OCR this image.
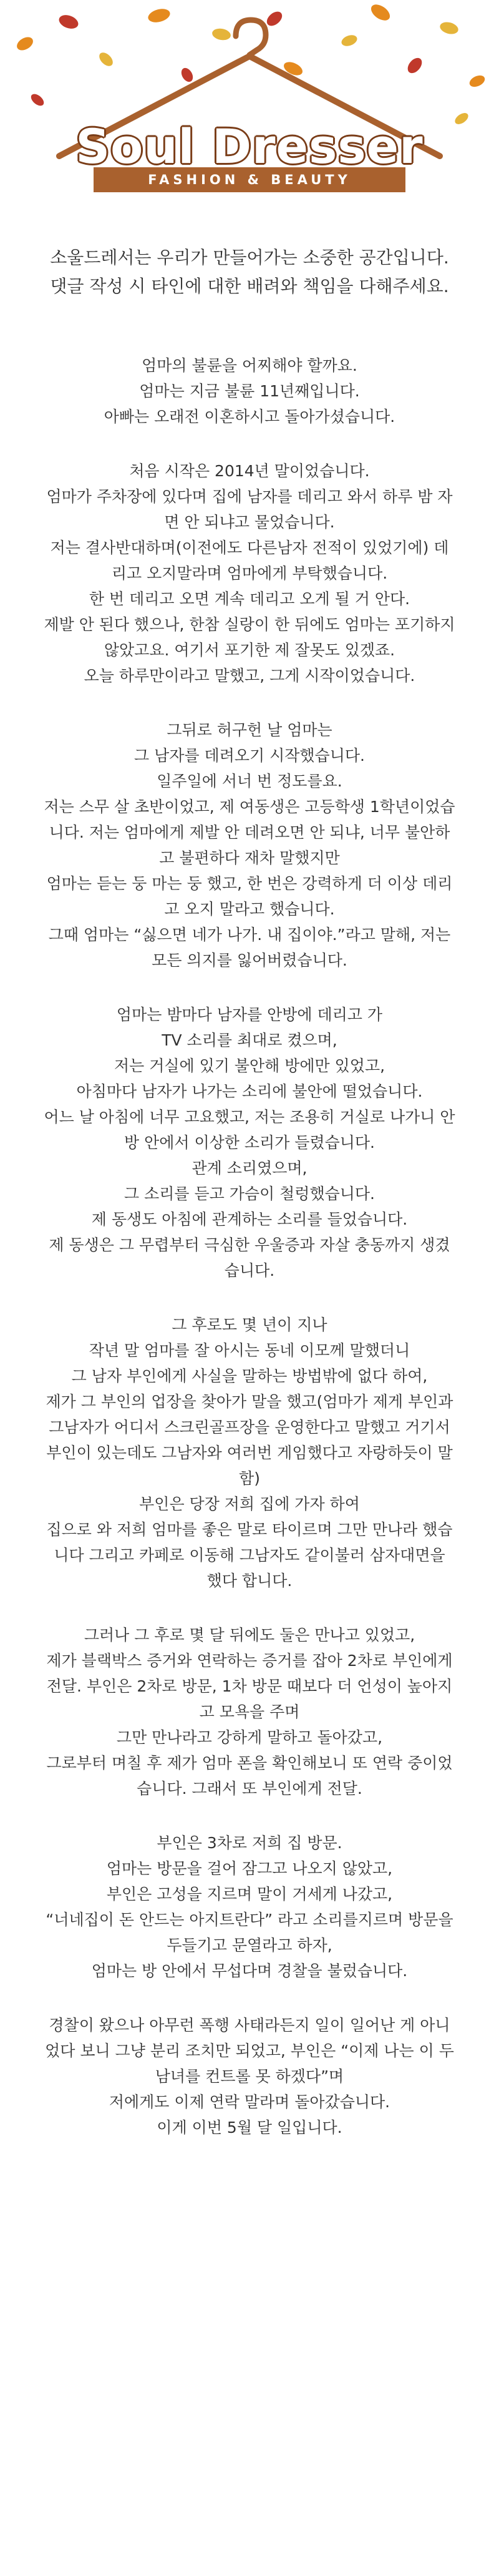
Soul Dresser
FASHION & BEAUTY

소울드레서는 우리가 만들어가는 소중한 공간입니다.
댓글 작성 시 타인에 대한 배려와 책임을 다해주세요.

엄마의 불륜을 어찌해야 할까요.
엄마는 지금 불륜 11년째입니다.
아빠는 오래전 이혼하시고 돌아가셨습니다.

처음 시작은 2014년 말이었습니다.
엄마가 주차장에 있다며 집에 남자를 데리고 와서 하루 밤 자
면 안 되냐고 물었습니다.
저는 결사반대하며(이전에도 다른남자 전적이 있었기에) 데
리고 오지말라며 엄마에게 부탁했습니다.
한 번 데리고 오면 계속 데리고 오게 될 거 안다.
제발 안 된다 했으나, 한참 실랑이 한 뒤에도 엄마는 포기하지
않았고요. 여기서 포기한 제 잘못도 있겠죠.
오늘 하루만이라고 말했고, 그게 시작이었습니다.

그뒤로 허구헌 날 엄마는
그 남자를 데려오기 시작했습니다.
일주일에 서너 번 정도를요.
저는 스무 살 초반이었고, 제 여동생은 고등학생 1학년이었습
니다. 저는 엄마에게 제발 안 데려오면 안 되냐, 너무 불안하
고 불편하다 재차 말했지만
엄마는 듣는 둥 마는 둥 했고, 한 번은 강력하게 더 이상 데리
고 오지 말라고 했습니다.
그때 엄마는 “싫으면 네가 나가. 내 집이야.”라고 말해, 저는
모든 의지를 잃어버렸습니다.

엄마는 밤마다 남자를 안방에 데리고 가
TV 소리를 최대로 켰으며,
저는 거실에 있기 불안해 방에만 있었고,
아침마다 남자가 나가는 소리에 불안에 떨었습니다.
어느 날 아침에 너무 고요했고, 저는 조용히 거실로 나가니 안
방 안에서 이상한 소리가 들렸습니다.
관계 소리였으며,
그 소리를 듣고 가슴이 철렁했습니다.
제 동생도 아침에 관계하는 소리를 들었습니다.
제 동생은 그 무렵부터 극심한 우울증과 자살 충동까지 생겼
습니다.

그 후로도 몇 년이 지나
작년 말 엄마를 잘 아시는 동네 이모께 말했더니
그 남자 부인에게 사실을 말하는 방법밖에 없다 하여,
제가 그 부인의 업장을 찾아가 말을 했고(엄마가 제게 부인과
그남자가 어디서 스크린골프장을 운영한다고 말했고 거기서
부인이 있는데도 그남자와 여러번 게임했다고 자랑하듯이 말
함)
부인은 당장 저희 집에 가자 하여
집으로 와 저희 엄마를 좋은 말로 타이르며 그만 만나라 했습
니다 그리고 카페로 이동해 그남자도 같이불러 삼자대면을
했다 합니다.

그러나 그 후로 몇 달 뒤에도 둘은 만나고 있었고,
제가 블랙박스 증거와 연락하는 증거를 잡아 2차로 부인에게
전달. 부인은 2차로 방문, 1차 방문 때보다 더 언성이 높아지
고 모욕을 주며
그만 만나라고 강하게 말하고 돌아갔고,
그로부터 며칠 후 제가 엄마 폰을 확인해보니 또 연락 중이었
습니다. 그래서 또 부인에게 전달.

부인은 3차로 저희 집 방문.
엄마는 방문을 걸어 잠그고 나오지 않았고,
부인은 고성을 지르며 말이 거세게 나갔고,
“너네집이 돈 안드는 아지트란다” 라고 소리를지르며 방문을
두들기고 문열라고 하자,
엄마는 방 안에서 무섭다며 경찰을 불렀습니다.

경찰이 왔으나 아무런 폭행 사태라든지 일이 일어난 게 아니
었다 보니 그냥 분리 조치만 되었고, 부인은 “이제 나는 이 두
남녀를 컨트롤 못 하겠다”며
저에게도 이제 연락 말라며 돌아갔습니다.
이게 이번 5월 달 일입니다.
